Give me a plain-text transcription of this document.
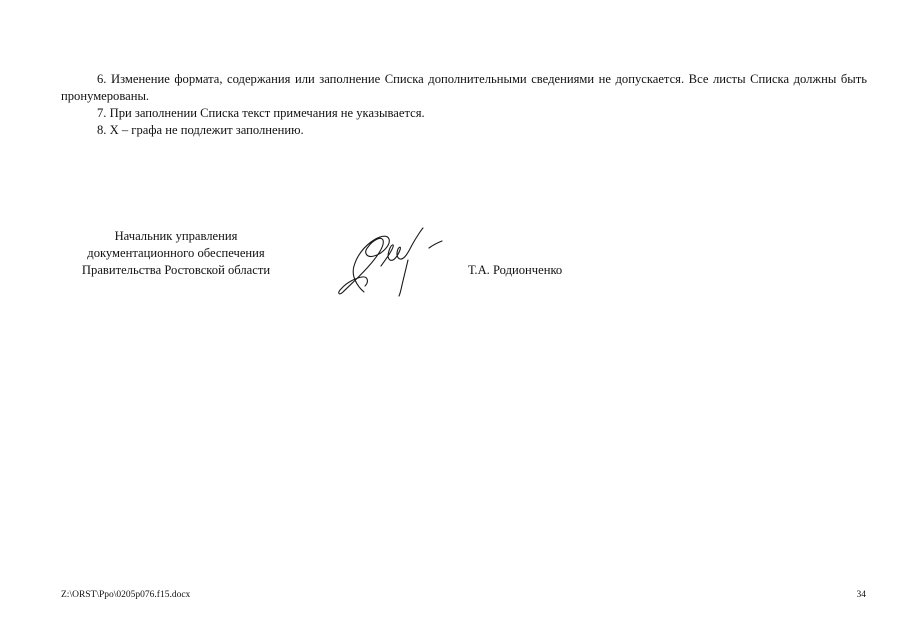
6. Изменение формата, содержания или заполнение Списка дополнительными сведениями не допускается. Все листы Списка должны быть пронумерованы.

7. При заполнении Списка текст примечания не указывается.

8. X – графа не подлежит заполнению.

Начальник управления
документационного обеспечения
Правительства Ростовской области	Т.А. Родионченко
Z:\ORST\Ppo\0205p076.f15.docx	34
